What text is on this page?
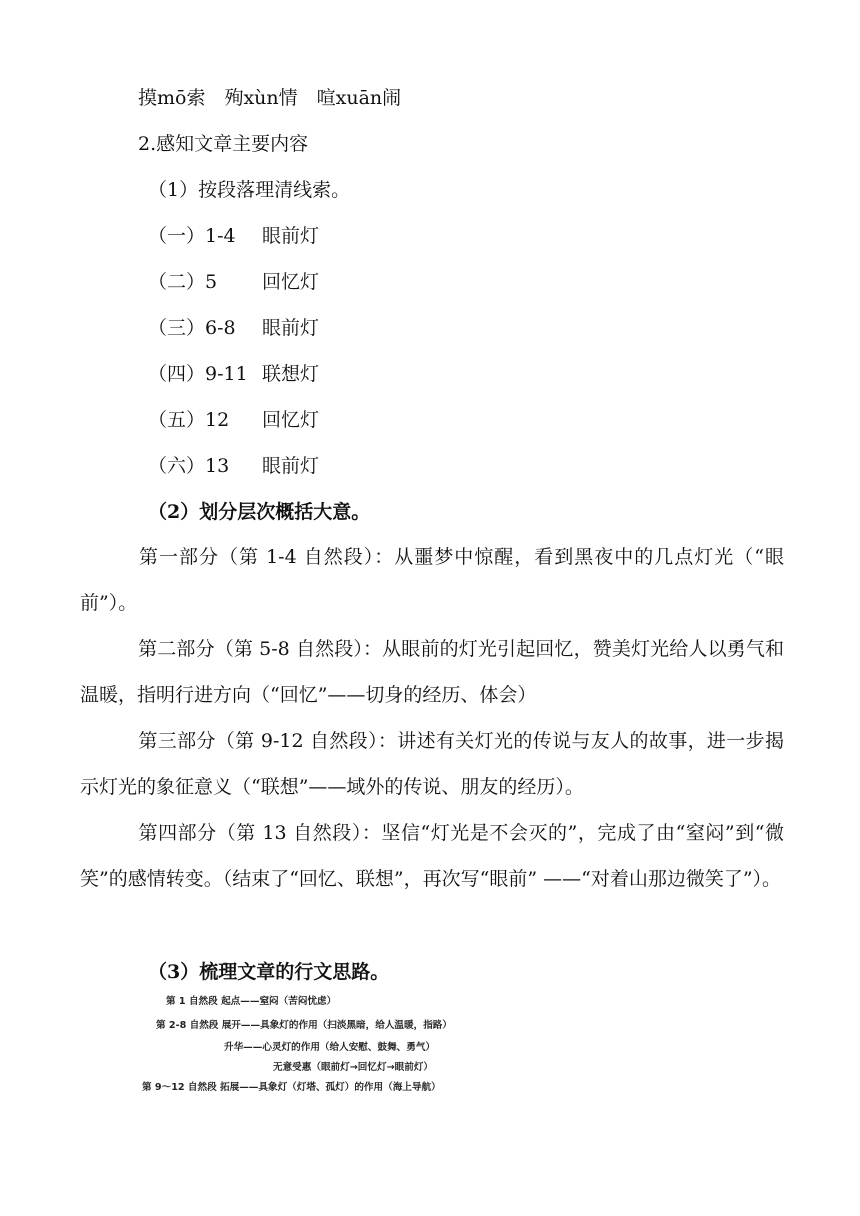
摸mō索　殉xùn情　喧xuān闹
2.感知文章主要内容
（1）按段落理清线索。
（一）1-4 眼前灯
（二）5 回忆灯
（三）6-8 眼前灯
（四）9-11 联想灯
（五）12 回忆灯
（六）13 眼前灯
（2）划分层次概括大意。
第一部分（第 1-4 自然段）：从噩梦中惊醒，看到黑夜中的几点灯光（“眼前”）。
第二部分（第 5-8 自然段）：从眼前的灯光引起回忆，赞美灯光给人以勇气和温暖，指明行进方向（“回忆”——切身的经历、体会）
第三部分（第 9-12 自然段）：讲述有关灯光的传说与友人的故事，进一步揭示灯光的象征意义（“联想”——域外的传说、朋友的经历）。
第四部分（第 13 自然段）：坚信“灯光是不会灭的”，完成了由“窒闷”到“微笑”的感情转变。（结束了“回忆、联想”，再次写“眼前” ——“对着山那边微笑了”）。
（3）梳理文章的行文思路。
第 1 自然段 起点——窒闷（苦闷忧虑）
第 2-8 自然段 展开——具象灯的作用（扫淡黑暗，给人温暖，指路）
升华——心灵灯的作用（给人安慰、鼓舞、勇气）
无意受惠（眼前灯→回忆灯→眼前灯）
第 9～12 自然段 拓展——具象灯（灯塔、孤灯）的作用（海上导航）
